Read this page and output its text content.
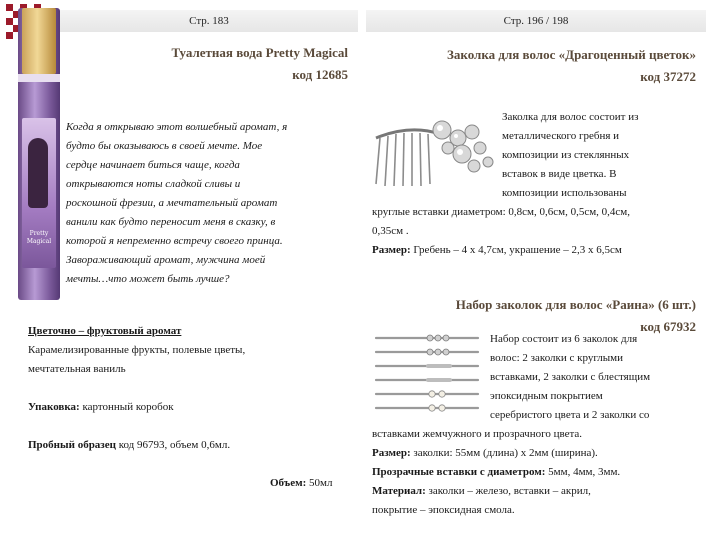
Стр. 183	Стр. 196 / 198
Туалетная вода Pretty Magical
код 12685
Pretty Magical
Когда я открываю этот волшебный аромат, я
будто бы оказываюсь в своей мечте. Мое
сердце начинает биться чаще, когда
открываются ноты сладкой сливы и
роскошной фрезии, а мечтательный аромат
ванили как будто переносит меня в сказку, в
которой я непременно встречу своего принца.
Завораживающий аромат, мужчина моей
мечты…что может быть лучше?
Цветочно – фруктовый аромат
Карамелизированные фрукты, полевые цветы,
мечтательная ваниль
Упаковка: картонный коробок
Пробный образец код 96793, объем 0,6мл.
Объем: 50мл
Заколка для волос «Драгоценный цветок»
код 37272
Заколка для волос состоит из
металлического гребня и
композиции из стеклянных
вставок в виде цветка. В
композиции использованы
круглые вставки диаметром: 0,8см, 0,6см, 0,5см, 0,4см,
0,35см .
Размер: Гребень – 4 х 4,7см, украшение – 2,3 х 6,5см
Набор заколок для волос «Раина» (6 шт.)
код 67932
Набор состоит из 6 заколок для
волос: 2 заколки с круглыми
вставками, 2 заколки с блестящим
эпоксидным покрытием
серебристого цвета и 2 заколки со
вставками жемчужного и прозрачного цвета.
Размер: заколки: 55мм (длина) х 2мм (ширина).
Прозрачные вставки с диаметром: 5мм, 4мм, 3мм.
Материал: заколки – железо, вставки – акрил,
покрытие – эпоксидная смола.
